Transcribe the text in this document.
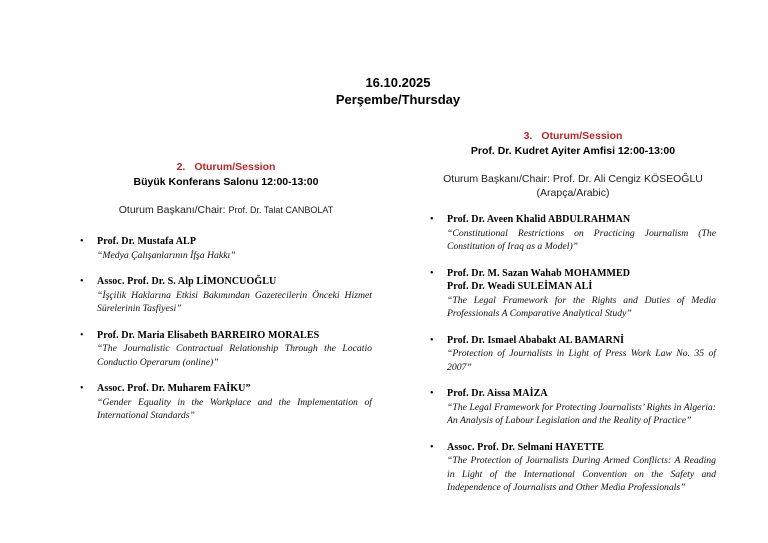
16.10.2025
Perşembe/Thursday
2. Oturum/Session
Büyük Konferans Salonu 12:00-13:00
Oturum Başkanı/Chair: Prof. Dr. Talat CANBOLAT
•	Prof. Dr. Mustafa ALP
“Medya Çalışanlarının İfşa Hakkı”
•	Assoc. Prof. Dr. S. Alp LİMONCUOĞLU
“İşçilik Haklarına Etkisi Bakımından Gazetecilerin Önceki Hizmet Sürelerinin Tasfiyesi”
•	Prof. Dr. Maria Elisabeth BARREIRO MORALES
“The Journalistic Contractual Relationship Through the Locatio Conductio Operarum (online)”
•	Assoc. Prof. Dr. Muharem FAİKU”
“Gender Equality in the Workplace and the Implementation of International Standards”
3. Oturum/Session
Prof. Dr. Kudret Ayiter Amfisi 12:00-13:00
Oturum Başkanı/Chair: Prof. Dr. Ali Cengiz KÖSEOĞLU
(Arapça/Arabic)
•	Prof. Dr. Aveen Khalid ABDULRAHMAN
“Constitutional Restrictions on Practicing Journalism (The Constitution of Iraq as a Model)”
•	Prof. Dr. M. Sazan Wahab MOHAMMED
Prof. Dr. Weadi SULEİMAN ALİ
“The Legal Framework for the Rights and Duties of Media Professionals A Comparative Analytical Study”
•	Prof. Dr. Ismael Ababakt AL BAMARNİ
“Protection of Journalists in Light of Press Work Law No. 35 of 2007”
•	Prof. Dr. Aissa MAİZA
“The Legal Framework for Protecting Journalists’ Rights in Algeria: An Analysis of Labour Legislation and the Reality of Practice”
•	Assoc. Prof. Dr. Selmani HAYETTE
“The Protection of Journalists During Armed Conflicts: A Reading in Light of the International Convention on the Safety and Independence of Journalists and Other Media Professionals”
